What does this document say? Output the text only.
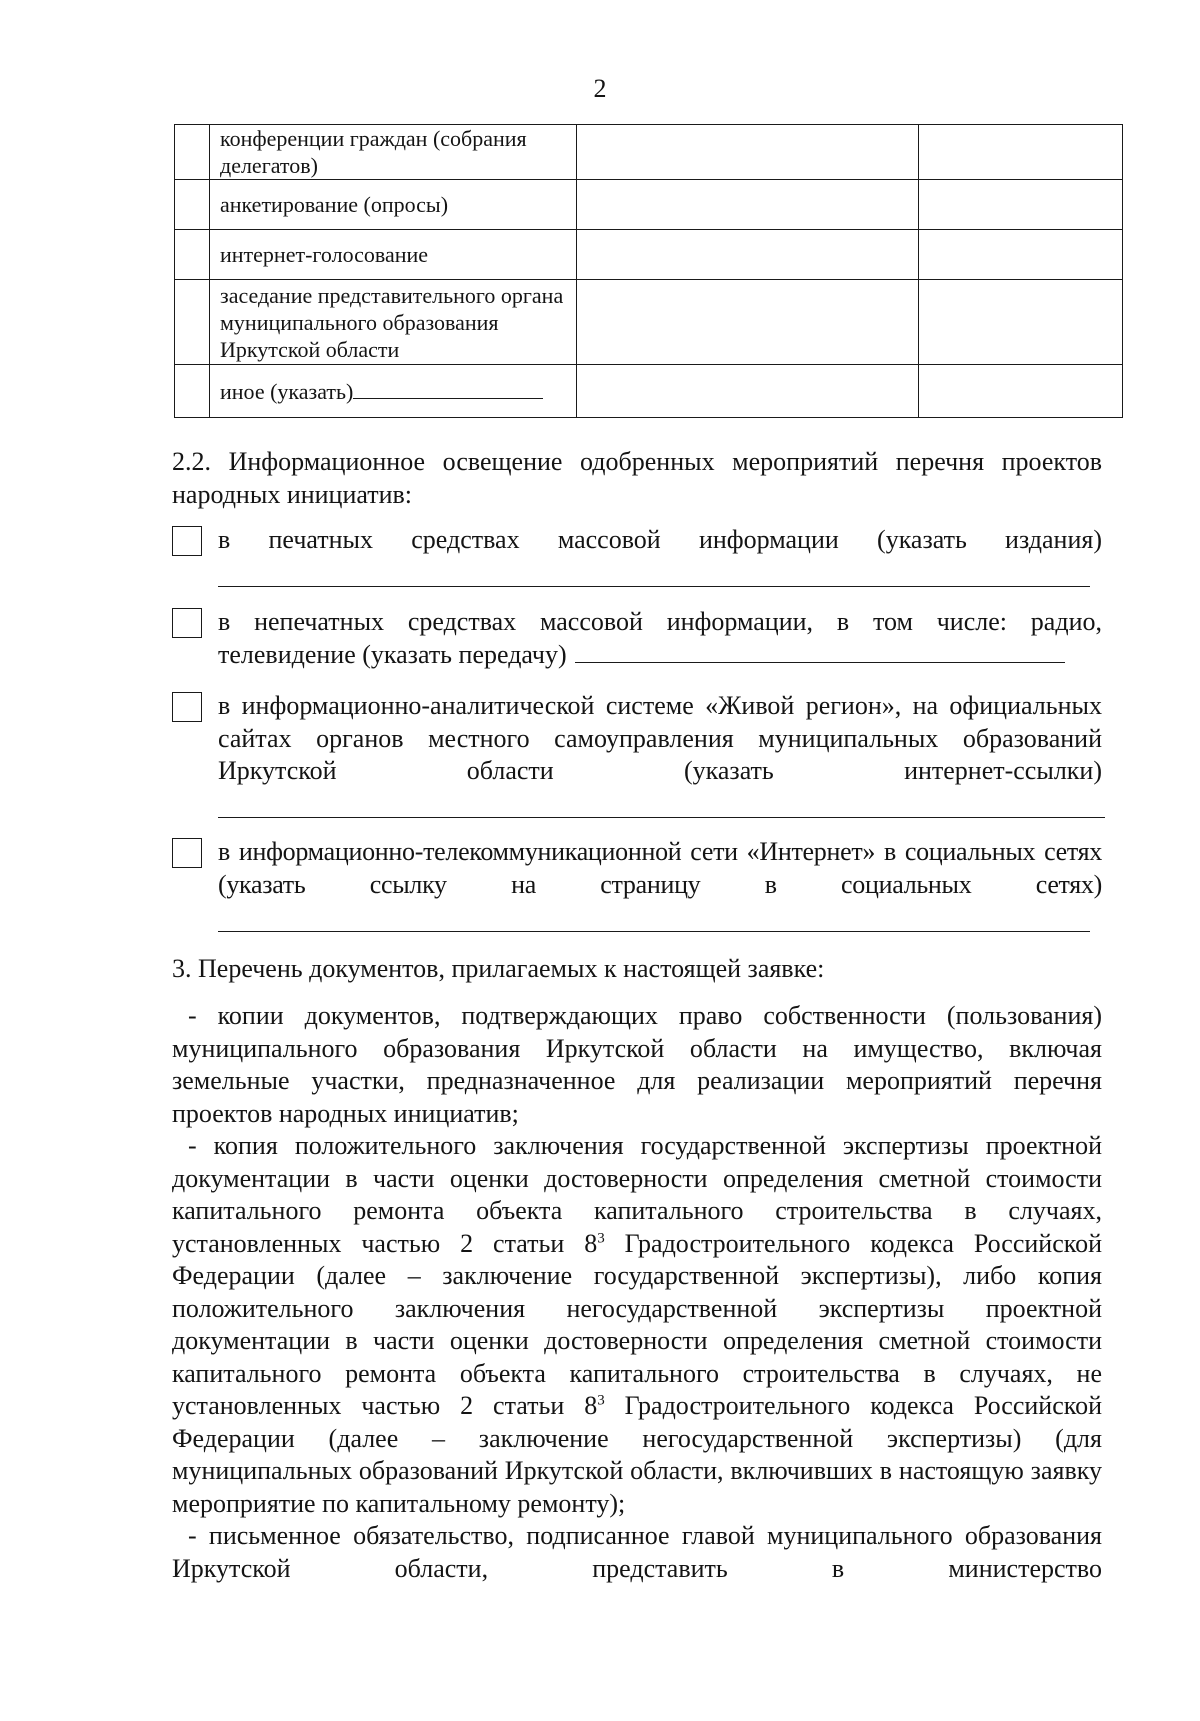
2
	конференции граждан (собрания делегатов)		
	анкетирование (опросы)		
	интернет-голосование		
	заседание представительного органа муниципального образования Иркутской области		
	иное (указать)		
2.2. Информационное освещение одобренных мероприятий перечня проектов народных инициатив:
в печатных средствах массовой информации (указать издания)
в непечатных средствах массовой информации, в том числе: радио, телевидение (указать передачу)
в информационно-аналитической системе «Живой регион», на официальных сайтах органов местного самоуправления муниципальных образований Иркутской области (указать интернет-ссылки)
в информационно-телекоммуникационной сети «Интернет» в социальных сетях (указать ссылку на страницу в социальных сетях)
3. Перечень документов, прилагаемых к настоящей заявке:

- копии документов, подтверждающих право собственности (пользования) муниципального образования Иркутской области на имущество, включая земельные участки, предназначенное для реализации мероприятий перечня проектов народных инициатив;

- копия положительного заключения государственной экспертизы проектной документации в части оценки достоверности определения сметной стоимости капитального ремонта объекта капитального строительства в случаях, установленных частью 2 статьи $8^3$ Градостроительного кодекса Российской Федерации (далее – заключение государственной экспертизы), либо копия положительного заключения негосударственной экспертизы проектной документации в части оценки достоверности определения сметной стоимости капитального ремонта объекта капитального строительства в случаях, не установленных частью 2 статьи $8^3$ Градостроительного кодекса Российской Федерации (далее – заключение негосударственной экспертизы) (для муниципальных образований Иркутской области, включивших в настоящую заявку мероприятие по капитальному ремонту);

- письменное обязательство, подписанное главой муниципального образования Иркутской области, представить в министерство
